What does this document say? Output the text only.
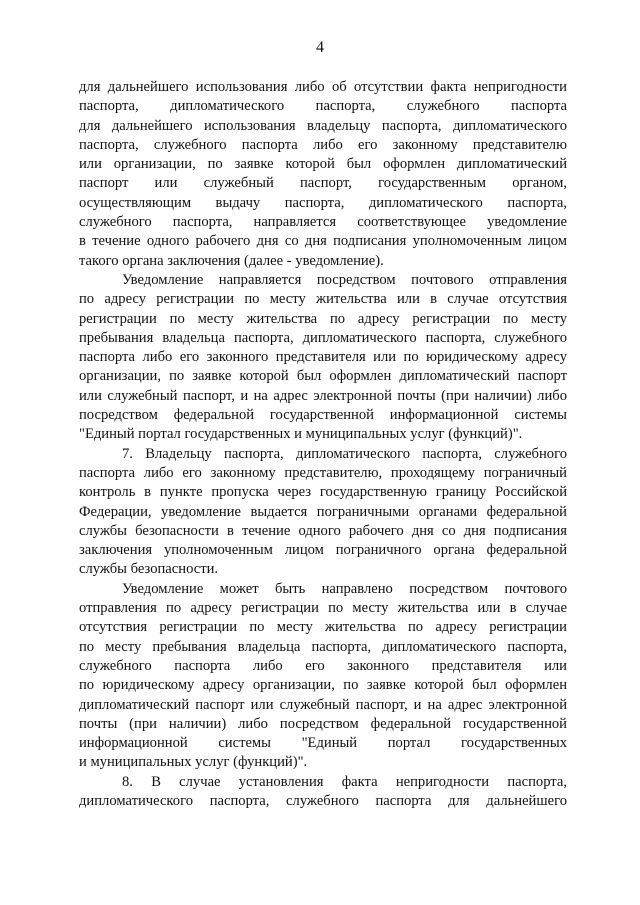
4
для дальнейшего использования либо об отсутствии факта непригодности
паспорта, дипломатического паспорта, служебного паспорта
для дальнейшего использования владельцу паспорта, дипломатического
паспорта, служебного паспорта либо его законному представителю
или организации, по заявке которой был оформлен дипломатический
паспорт или служебный паспорт, государственным органом,
осуществляющим выдачу паспорта, дипломатического паспорта,
служебного паспорта, направляется соответствующее уведомление
в течение одного рабочего дня со дня подписания уполномоченным лицом
такого органа заключения (далее - уведомление).
Уведомление направляется посредством почтового отправления
по адресу регистрации по месту жительства или в случае отсутствия
регистрации по месту жительства по адресу регистрации по месту
пребывания владельца паспорта, дипломатического паспорта, служебного
паспорта либо его законного представителя или по юридическому адресу
организации, по заявке которой был оформлен дипломатический паспорт
или служебный паспорт, и на адрес электронной почты (при наличии) либо
посредством федеральной государственной информационной системы
"Единый портал государственных и муниципальных услуг (функций)".
7. Владельцу паспорта, дипломатического паспорта, служебного
паспорта либо его законному представителю, проходящему пограничный
контроль в пункте пропуска через государственную границу Российской
Федерации, уведомление выдается пограничными органами федеральной
службы безопасности в течение одного рабочего дня со дня подписания
заключения уполномоченным лицом пограничного органа федеральной
службы безопасности.
Уведомление может быть направлено посредством почтового
отправления по адресу регистрации по месту жительства или в случае
отсутствия регистрации по месту жительства по адресу регистрации
по месту пребывания владельца паспорта, дипломатического паспорта,
служебного паспорта либо его законного представителя или
по юридическому адресу организации, по заявке которой был оформлен
дипломатический паспорт или служебный паспорт, и на адрес электронной
почты (при наличии) либо посредством федеральной государственной
информационной системы "Единый портал государственных
и муниципальных услуг (функций)".
8. В случае установления факта непригодности паспорта,
дипломатического паспорта, служебного паспорта для дальнейшего
